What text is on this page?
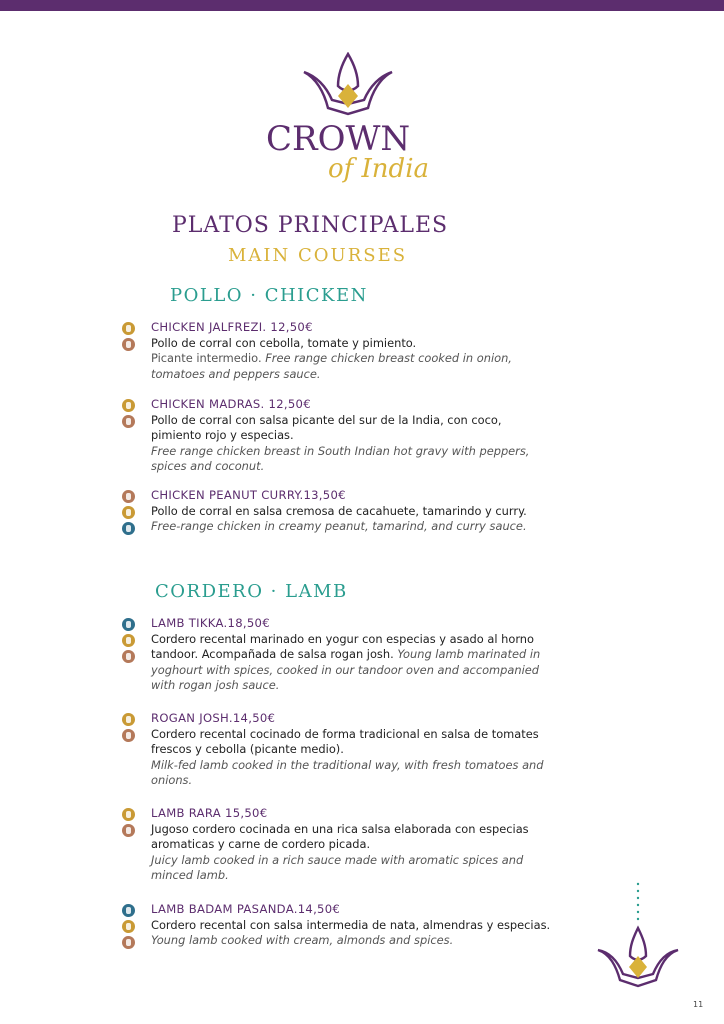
CROWN
of India
PLATOS PRINCIPALES
MAIN COURSES
POLLO · CHICKEN
CHICKEN JALFREZI. 12,50€
Pollo de corral con cebolla, tomate y pimiento.
Picante intermedio. Free range chicken breast cooked in onion, tomatoes and peppers sauce.
CHICKEN MADRAS. 12,50€
Pollo de corral con salsa picante del sur de la India, con coco, pimiento rojo y especias.
Free range chicken breast in South Indian hot gravy with peppers, spices and coconut.
CHICKEN PEANUT CURRY.13,50€
Pollo de corral en salsa cremosa de cacahuete, tamarindo y curry. Free-range chicken in creamy peanut, tamarind, and curry sauce.
CORDERO · LAMB
LAMB TIKKA.18,50€
Cordero recental marinado en yogur con especias y asado al horno tandoor. Acompañada de salsa rogan josh. Young lamb marinated in yoghourt with spices, cooked in our tandoor oven and accompanied with rogan josh sauce.
ROGAN JOSH.14,50€
Cordero recental cocinado de forma tradicional en salsa de tomates frescos y cebolla (picante medio).
Milk-fed lamb cooked in the traditional way, with fresh tomatoes and onions.
LAMB RARA 15,50€
Jugoso cordero cocinada en una rica salsa elaborada con especias aromaticas y carne de cordero picada.
Juicy lamb cooked in a rich sauce made with aromatic spices and minced lamb.
LAMB BADAM PASANDA.14,50€
Cordero recental con salsa intermedia de nata, almendras y especias. Young lamb cooked with cream, almonds and spices.
11
